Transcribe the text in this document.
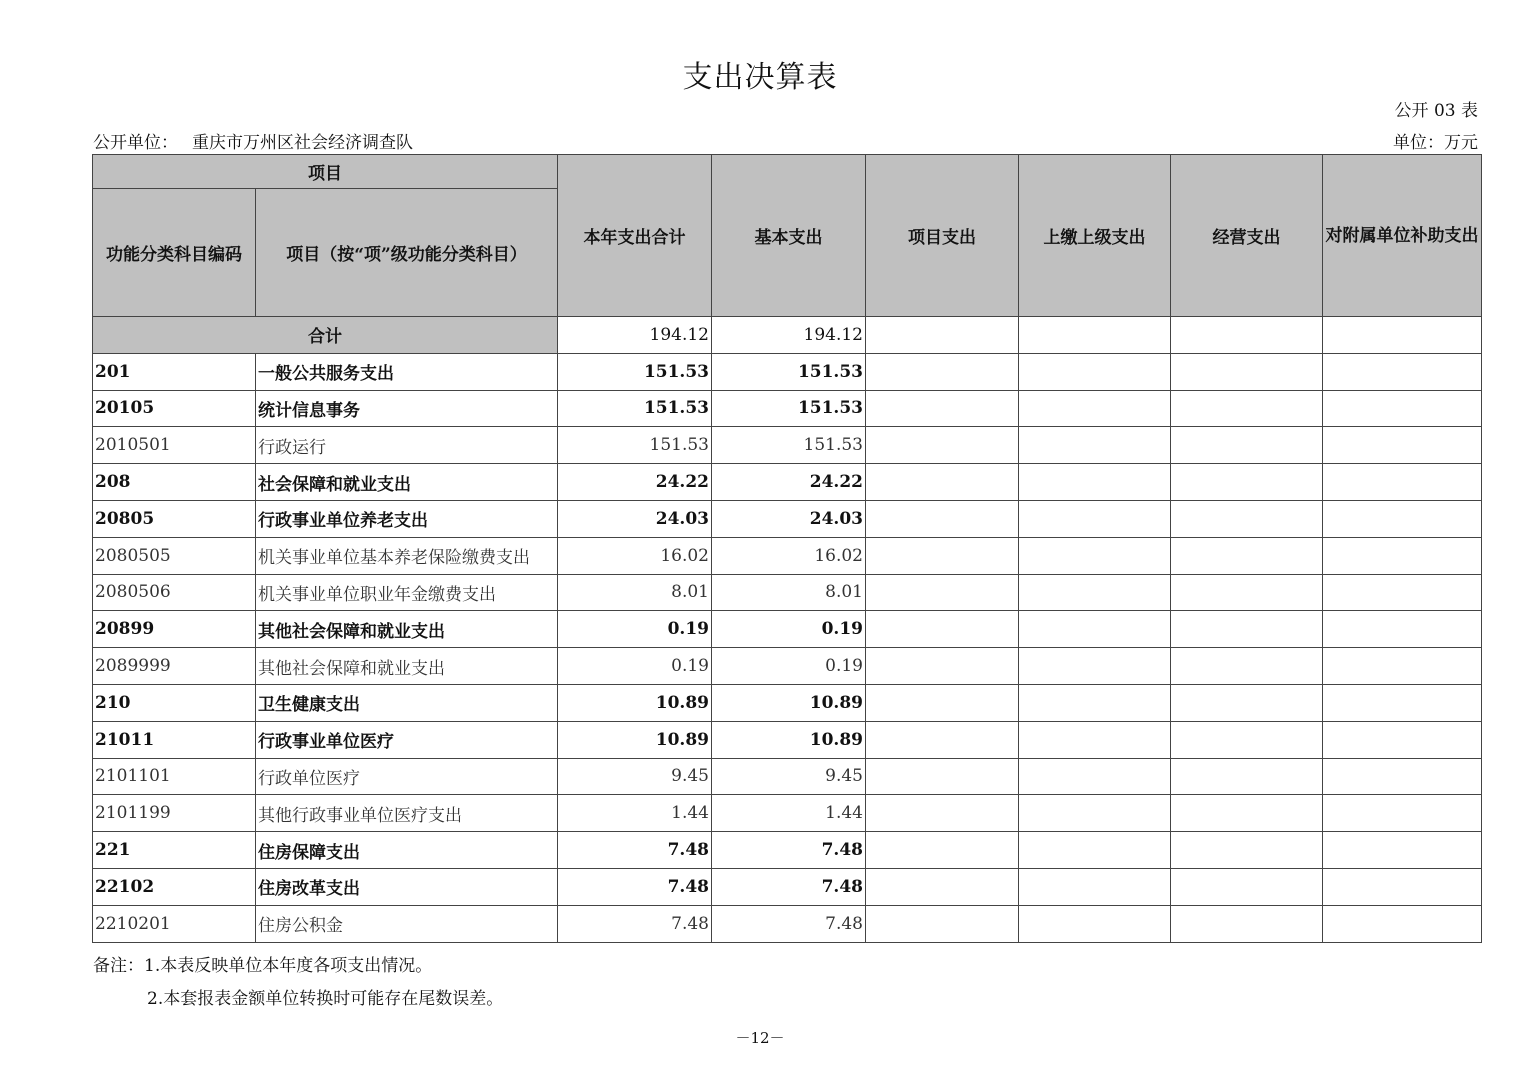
支出决算表
公开 03 表
公开单位： 重庆市万州区社会经济调查队	单位：万元
项目		本年支出合计	基本支出	项目支出	上缴上级支出	经营支出	对附属单位补助支出
功能分类科目编码	项目（按“项”级功能分类科目）						
合计		194.12	194.12				
201	一般公共服务支出	151.53	151.53				
20105	统计信息事务	151.53	151.53				
2010501	行政运行	151.53	151.53				
208	社会保障和就业支出	24.22	24.22				
20805	行政事业单位养老支出	24.03	24.03				
2080505	机关事业单位基本养老保险缴费支出	16.02	16.02				
2080506	机关事业单位职业年金缴费支出	8.01	8.01				
20899	其他社会保障和就业支出	0.19	0.19				
2089999	其他社会保障和就业支出	0.19	0.19				
210	卫生健康支出	10.89	10.89				
21011	行政事业单位医疗	10.89	10.89				
2101101	行政单位医疗	9.45	9.45				
2101199	其他行政事业单位医疗支出	1.44	1.44				
221	住房保障支出	7.48	7.48				
22102	住房改革支出	7.48	7.48				
2210201	住房公积金	7.48	7.48				
备注：1.本表反映单位本年度各项支出情况。
2.本套报表金额单位转换时可能存在尾数误差。
－12－
